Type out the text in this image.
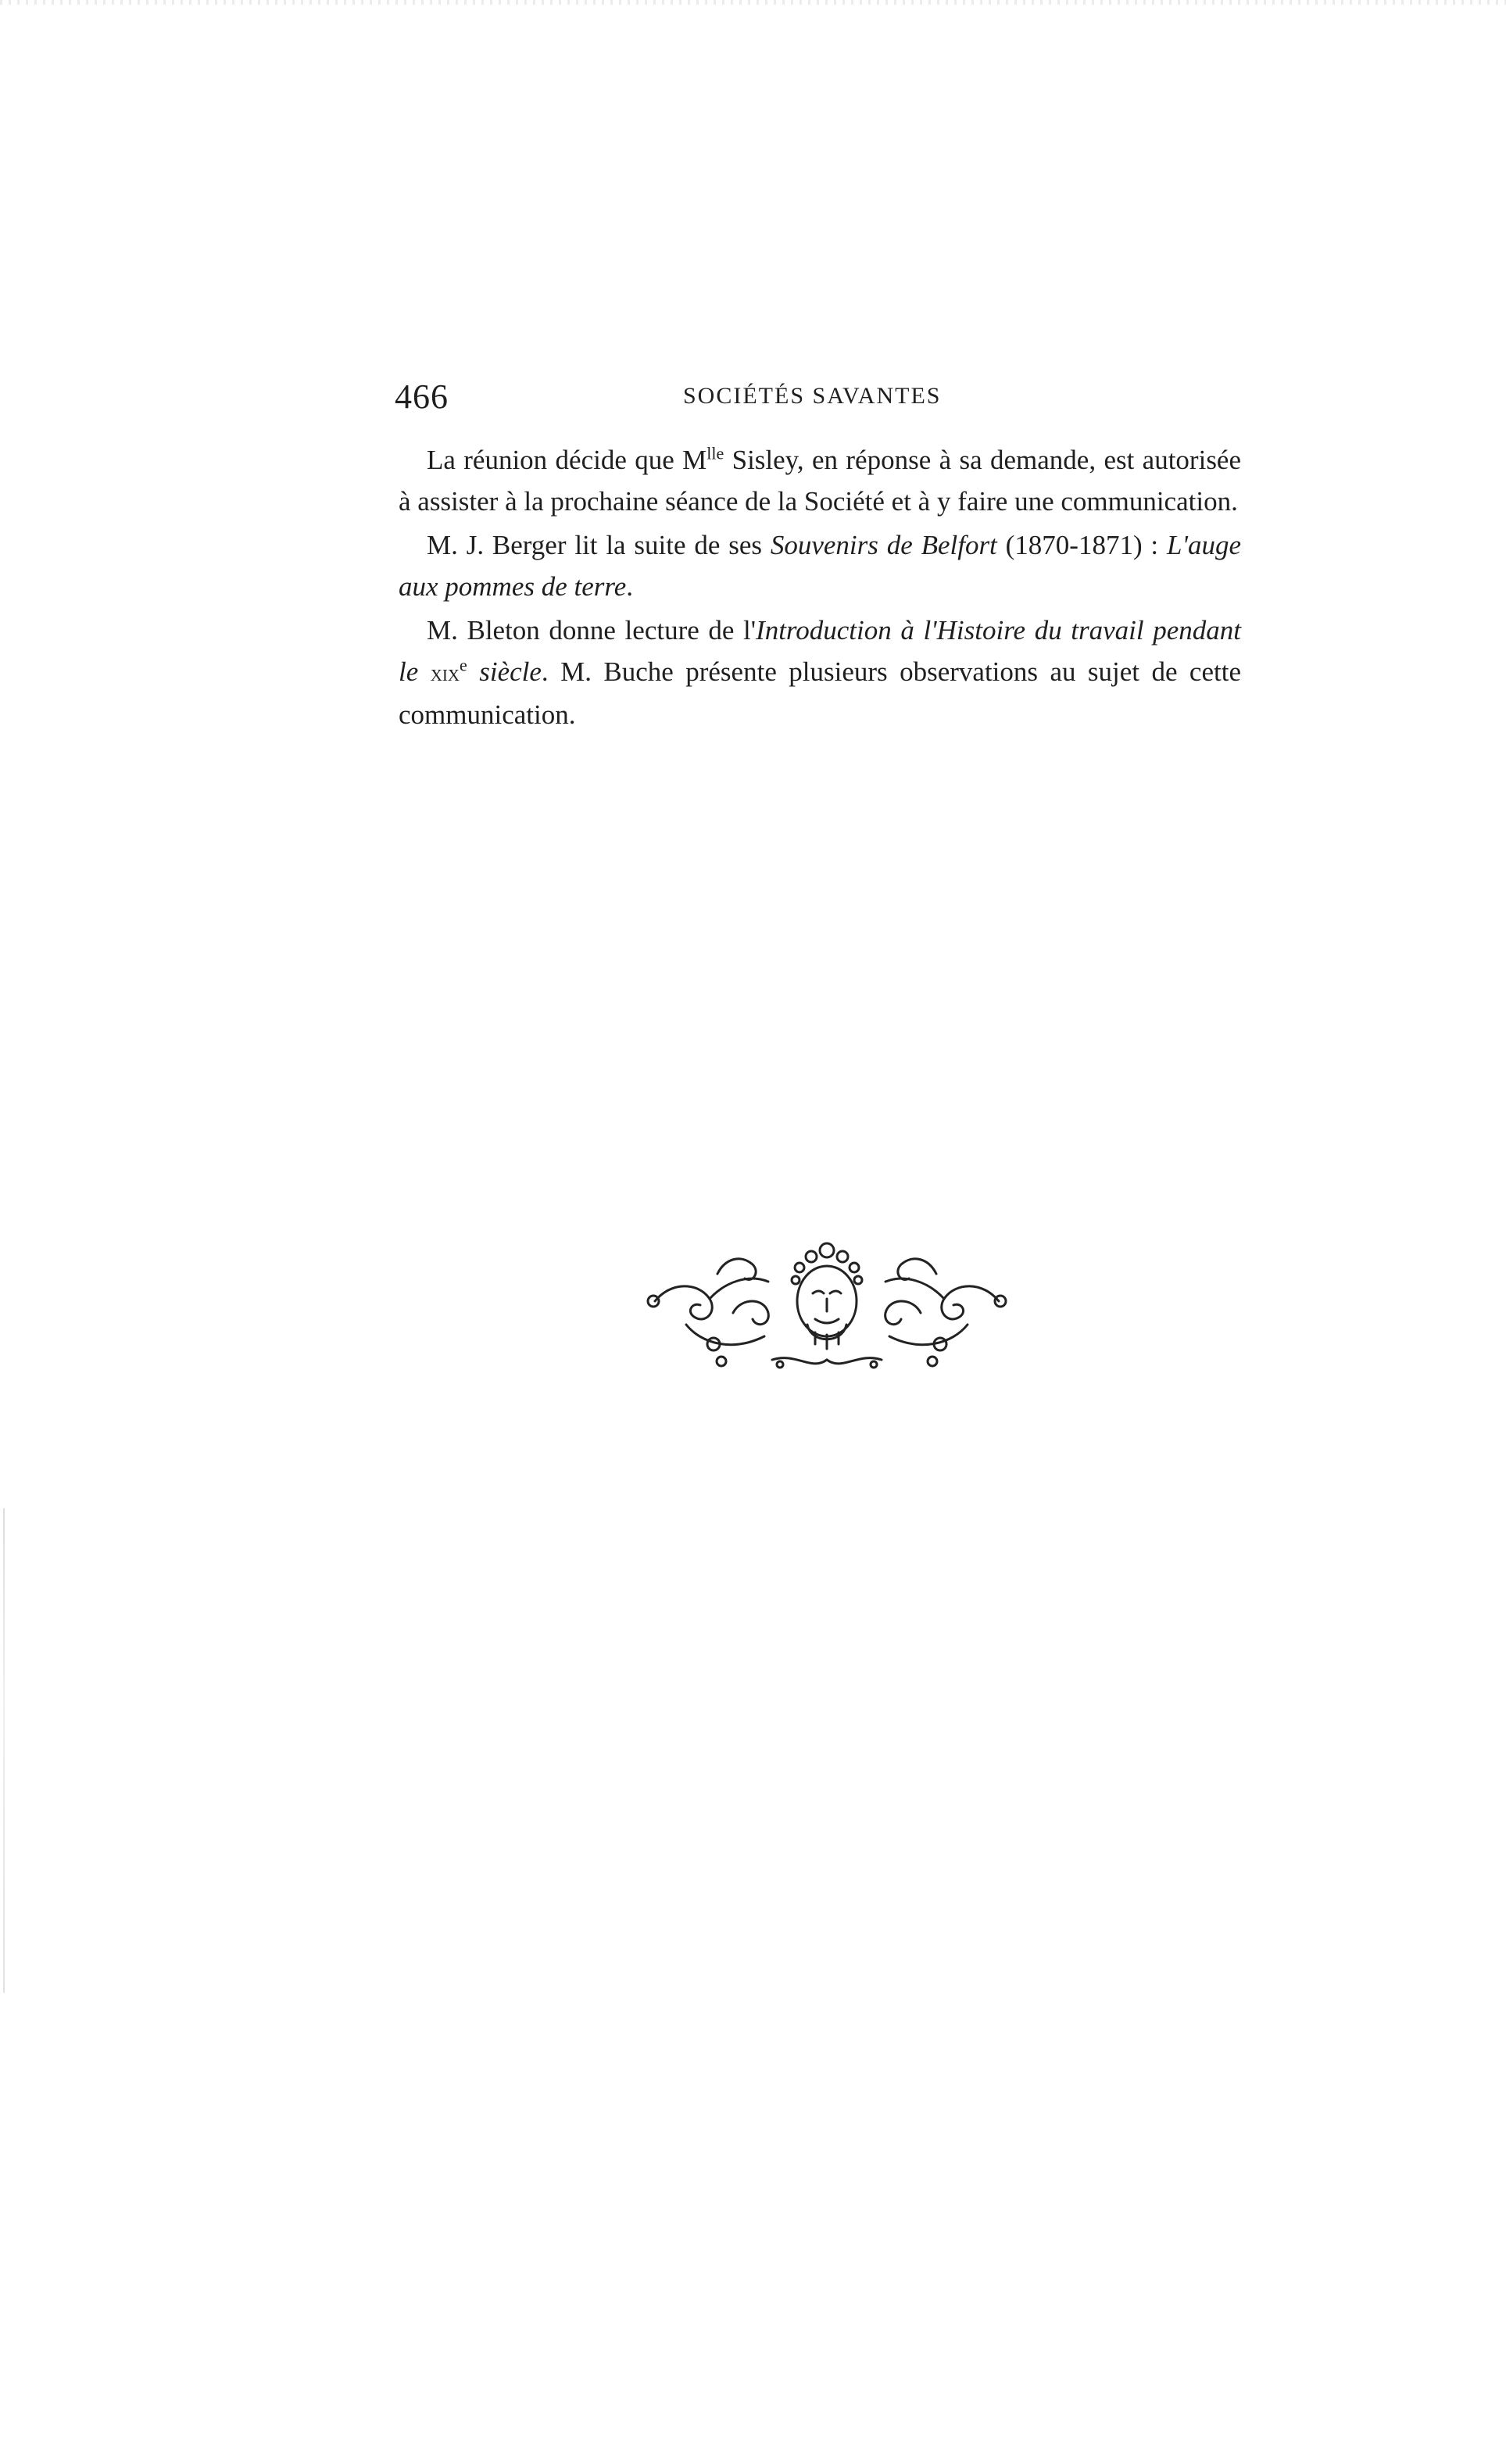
466	SOCIÉTÉS SAVANTES

La réunion décide que $M^{lle}$ Sisley, en réponse à sa demande, est autorisée à assister à la prochaine séance de la Société et à y faire une communication.

M. J. Berger lit la suite de ses Souvenirs de Belfort (1870-1871) : L'auge aux pommes de terre.

M. Bleton donne lecture de l'Introduction à l'Histoire du travail pendant le xix$^e$ siècle. M. Buche présente plusieurs observations au sujet de cette communication.
